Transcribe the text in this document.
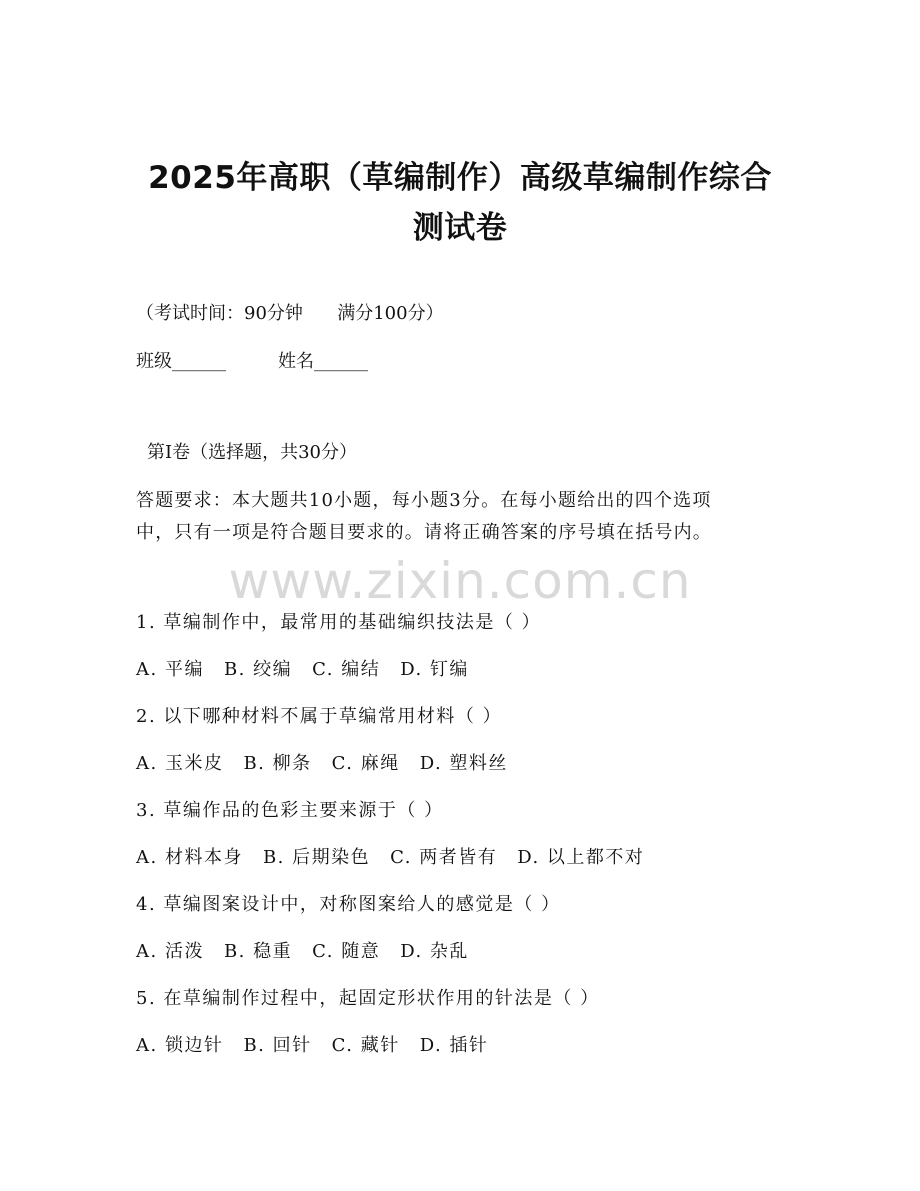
2025年高职（草编制作）高级草编制作综合
测试卷
（考试时间：90分钟      满分100分）
班级______	姓名______
第I卷（选择题，共30分）

答题要求：本大题共10小题，每小题3分。在每小题给出的四个选项

中，只有一项是符合题目要求的。请将正确答案的序号填在括号内。

www.zixin.com.cn
1. 草编制作中，最常用的基础编织技法是（ ）
A. 平编 B. 绞编 C. 编结 D. 钉编
2. 以下哪种材料不属于草编常用材料（ ）
A. 玉米皮 B. 柳条 C. 麻绳 D. 塑料丝
3. 草编作品的色彩主要来源于（ ）
A. 材料本身 B. 后期染色 C. 两者皆有 D. 以上都不对
4. 草编图案设计中，对称图案给人的感觉是（ ）
A. 活泼 B. 稳重 C. 随意 D. 杂乱
5. 在草编制作过程中，起固定形状作用的针法是（ ）
A. 锁边针 B. 回针 C. 藏针 D. 插针
